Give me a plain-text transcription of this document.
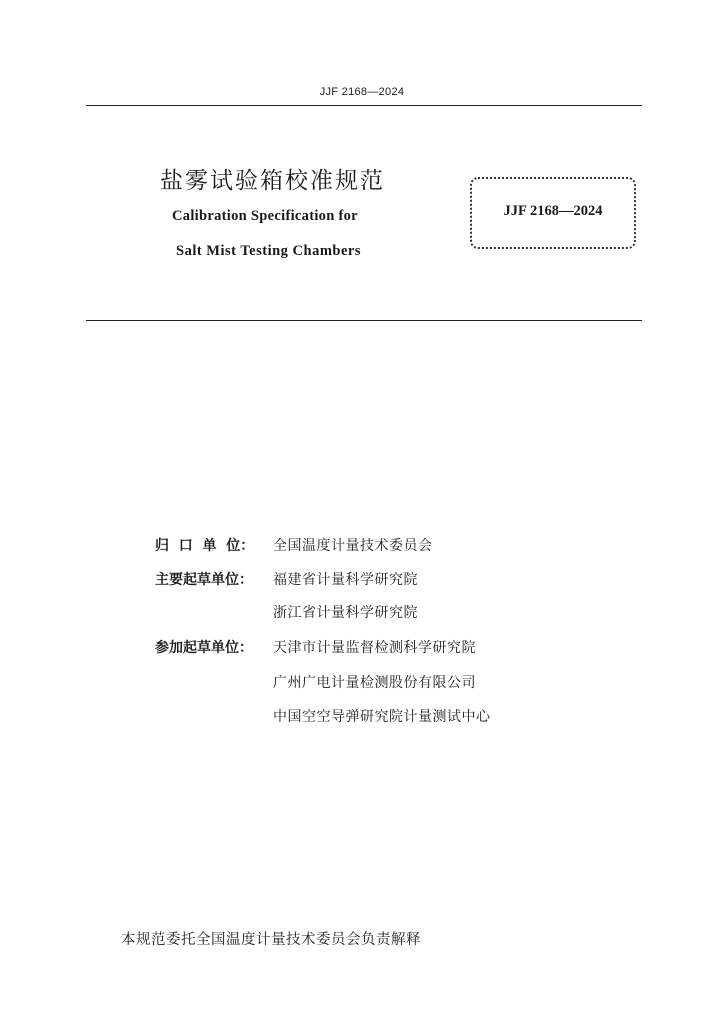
JJF 2168—2024
盐雾试验箱校准规范
Calibration Specification for
Salt Mist Testing Chambers
JJF 2168—2024
归  口  单  位：	全国温度计量技术委员会
主要起草单位：	福建省计量科学研究院
浙江省计量科学研究院
参加起草单位：	天津市计量监督检测科学研究院
广州广电计量检测股份有限公司
中国空空导弹研究院计量测试中心
本规范委托全国温度计量技术委员会负责解释
